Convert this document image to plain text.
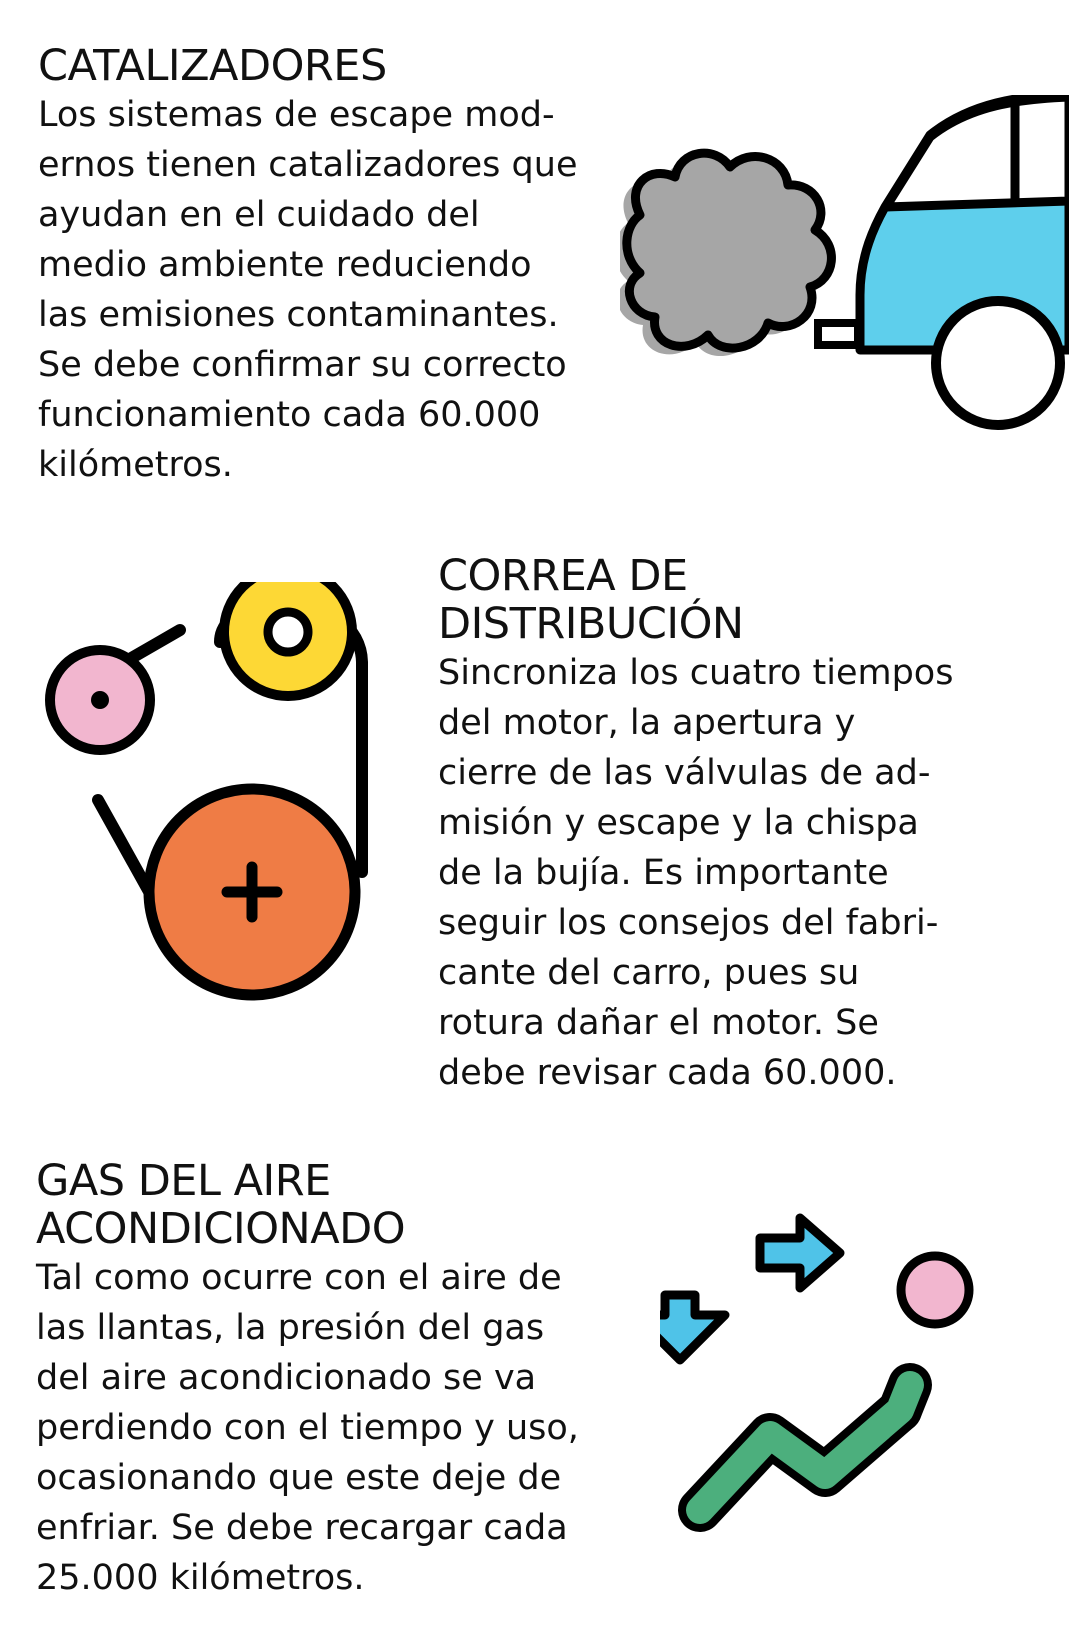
CATALIZADORES

Los sistemas de escape mod-
ernos tienen catalizadores que
ayudan en el cuidado del
medio ambiente reduciendo
las emisiones contaminantes.
Se debe confirmar su correcto
funcionamiento cada 60.000
kilómetros.

CORREA DE
DISTRIBUCIÓN

Sincroniza los cuatro tiempos
del motor, la apertura y
cierre de las válvulas de ad-
misión y escape y la chispa
de la bujía. Es importante
seguir los consejos del fabri-
cante del carro, pues su
rotura dañar el motor. Se
debe revisar cada 60.000.

GAS DEL AIRE
ACONDICIONADO

Tal como ocurre con el aire de
las llantas, la presión del gas
del aire acondicionado se va
perdiendo con el tiempo y uso,
ocasionando que este deje de
enfriar. Se debe recargar cada
25.000 kilómetros.
